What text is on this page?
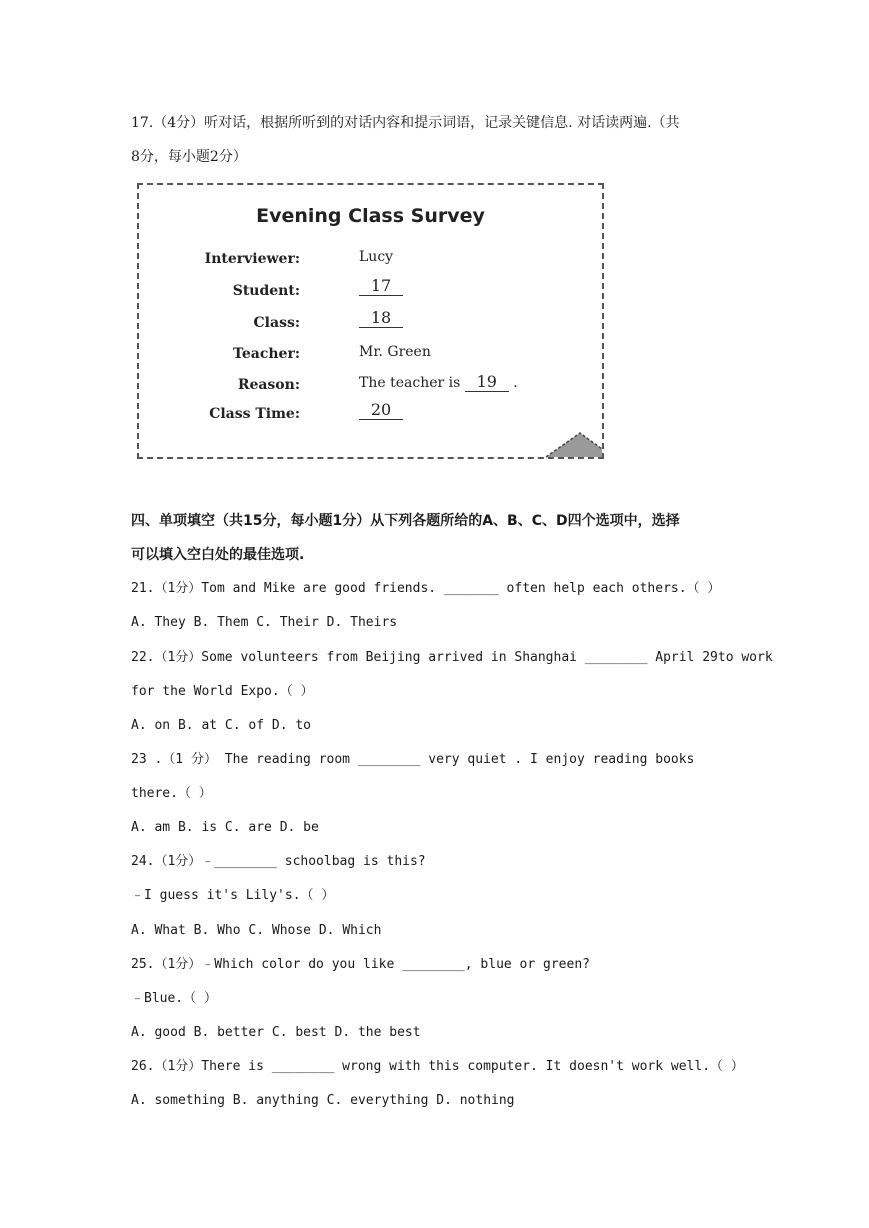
17.（4分）听对话，根据所听到的对话内容和提示词语，记录关键信息. 对话读两遍.（共
8分，每小题2分）
Evening Class Survey
Interviewer:	Lucy
Student:	17
Class:	18
Teacher:	Mr. Green
Reason:	The teacher is 19 .
Class Time:	20
四、单项填空（共15分，每小题1分）从下列各题所给的A、B、C、D四个选项中，选择
可以填入空白处的最佳选项.
21.（1分）Tom and Mike are good friends. _______ often help each others.（ ）
A. They B. Them C. Their D. Theirs
22.（1分）Some volunteers from Beijing arrived in Shanghai ________ April 29to work
for the World Expo.（ ）
A. on B. at C. of D. to
23 .（1 分） The reading room ________ very quiet . I enjoy reading books
there.（ ）
A. am B. is C. are D. be
24.（1分）﹣________ schoolbag is this?
﹣I guess it's Lily's.（ ）
A. What B. Who C. Whose D. Which
25.（1分）﹣Which color do you like ________, blue or green?
﹣Blue.（ ）
A. good B. better C. best D. the best
26.（1分）There is ________ wrong with this computer. It doesn't work well.（ ）
A. something B. anything C. everything D. nothing
